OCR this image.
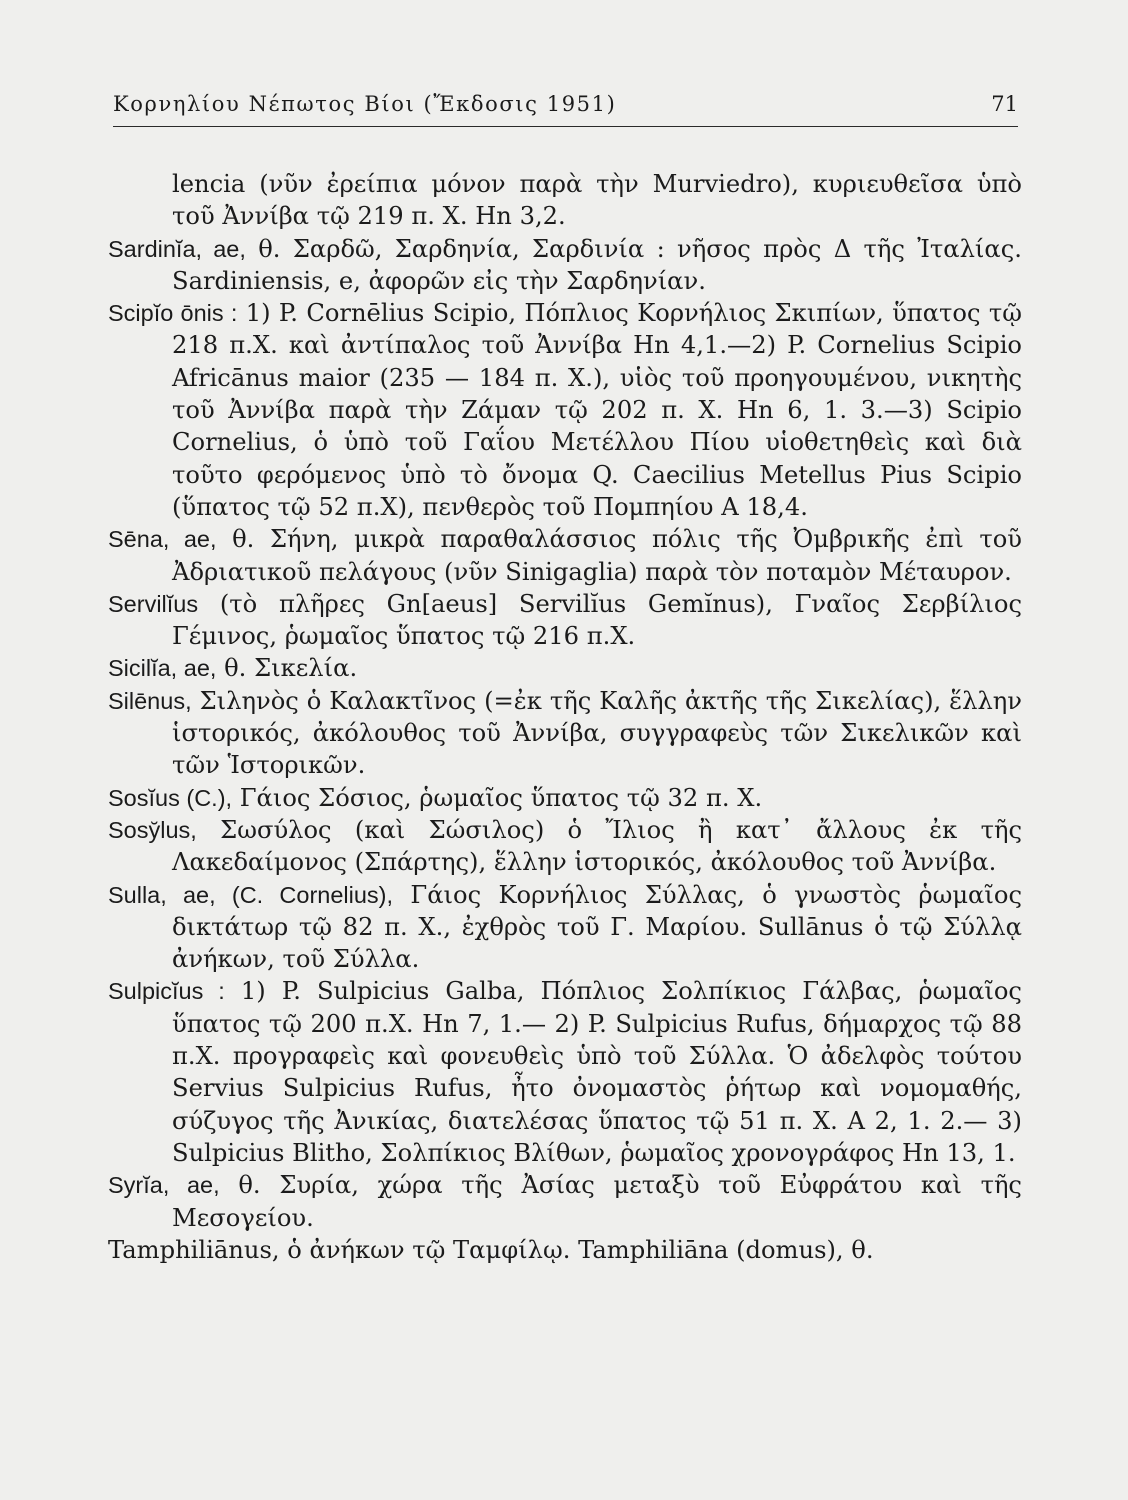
Κορνηλίου Νέπωτος Βίοι (Ἔκδοσις 1951)	71

lencia (νῦν ἐρείπια μόνον παρὰ τὴν Murviedro), κυριευθεῖσα ὑπὸ τοῦ Ἀννίβα τῷ 219 π. Χ. Hn 3,2.

Sardinĭa, ae, θ. Σαρδῶ, Σαρδηνία, Σαρδινία : νῆσος πρὸς Δ τῆς Ἰταλίας. Sardiniensis, e, ἀφορῶν εἰς τὴν Σαρδηνίαν.

Scipĭo ōnis : 1) P. Cornēlius Scipio, Πόπλιος Κορνήλιος Σκιπίων, ὕπατος τῷ 218 π.Χ. καὶ ἀντίπαλος τοῦ Ἀννίβα Hn 4,1.—2) P. Cornelius Scipio Africānus maior (235 — 184 π. Χ.), υἱὸς τοῦ προηγουμένου, νικητὴς τοῦ Ἀννίβα παρὰ τὴν Ζάμαν τῷ 202 π. Χ. Hn 6, 1. 3.—3) Scipio Cornelius, ὁ ὑπὸ τοῦ Γαΐου Μετέλλου Πίου υἱοθετηθεὶς καὶ διὰ τοῦτο φερόμενος ὑπὸ τὸ ὄνομα Q. Caecilius Metellus Pius Scipio (ὕπατος τῷ 52 π.Χ), πενθερὸς τοῦ Πομπηίου Α 18,4.

Sēna, ae, θ. Σήνη, μικρὰ παραθαλάσσιος πόλις τῆς Ὀμβρικῆς ἐπὶ τοῦ Ἀδριατικοῦ πελάγους (νῦν Sinigaglia) παρὰ τὸν ποταμὸν Μέταυρον.

Servilĭus (τὸ πλῆρες Gn[aeus] Servilĭus Gemĭnus), Γναῖος Σερβίλιος Γέμινος, ῥωμαῖος ὕπατος τῷ 216 π.Χ.

Sicilĭa, ae, θ. Σικελία.

Silēnus, Σιληνὸς ὁ Καλακτῖνος (=ἐκ τῆς Καλῆς ἀκτῆς τῆς Σικελίας), ἕλλην ἱστορικός, ἀκόλουθος τοῦ Ἀννίβα, συγγραφεὺς τῶν Σικελικῶν καὶ τῶν Ἱστορικῶν.

Sosĭus (C.), Γάιος Σόσιος, ῥωμαῖος ὕπατος τῷ 32 π. Χ.

Sosy̆lus, Σωσύλος (καὶ Σώσιλος) ὁ Ἴλιος ἢ κατ᾽ ἄλλους ἐκ τῆς Λακεδαίμονος (Σπάρτης), ἕλλην ἱστορικός, ἀκόλουθος τοῦ Ἀννίβα.

Sulla, ae, (C. Cornelius), Γάιος Κορνήλιος Σύλλας, ὁ γνωστὸς ῥωμαῖος δικτάτωρ τῷ 82 π. Χ., ἐχθρὸς τοῦ Γ. Μαρίου. Sullānus ὁ τῷ Σύλλᾳ ἀνήκων, τοῦ Σύλλα.

Sulpicĭus : 1) P. Sulpicius Galba, Πόπλιος Σολπίκιος Γάλβας, ῥωμαῖος ὕπατος τῷ 200 π.Χ. Hn 7, 1.— 2) P. Sulpicius Rufus, δήμαρχος τῷ 88 π.Χ. προγραφεὶς καὶ φονευθεὶς ὑπὸ τοῦ Σύλλα. Ὁ ἀδελφὸς τούτου Servius Sulpicius Rufus, ἦτο ὀνομαστὸς ῥήτωρ καὶ νομομαθής, σύζυγος τῆς Ἀνικίας, διατελέσας ὕπατος τῷ 51 π. Χ. Α 2, 1. 2.— 3) Sulpicius Blitho, Σολπίκιος Βλίθων, ῥωμαῖος χρονογράφος Hn 13, 1.

Syrĭa, ae, θ. Συρία, χώρα τῆς Ἀσίας μεταξὺ τοῦ Εὐφράτου καὶ τῆς Μεσογείου.

Tamphiliānus, ὁ ἀνήκων τῷ Ταμφίλῳ. Tamphiliāna (domus), θ.
